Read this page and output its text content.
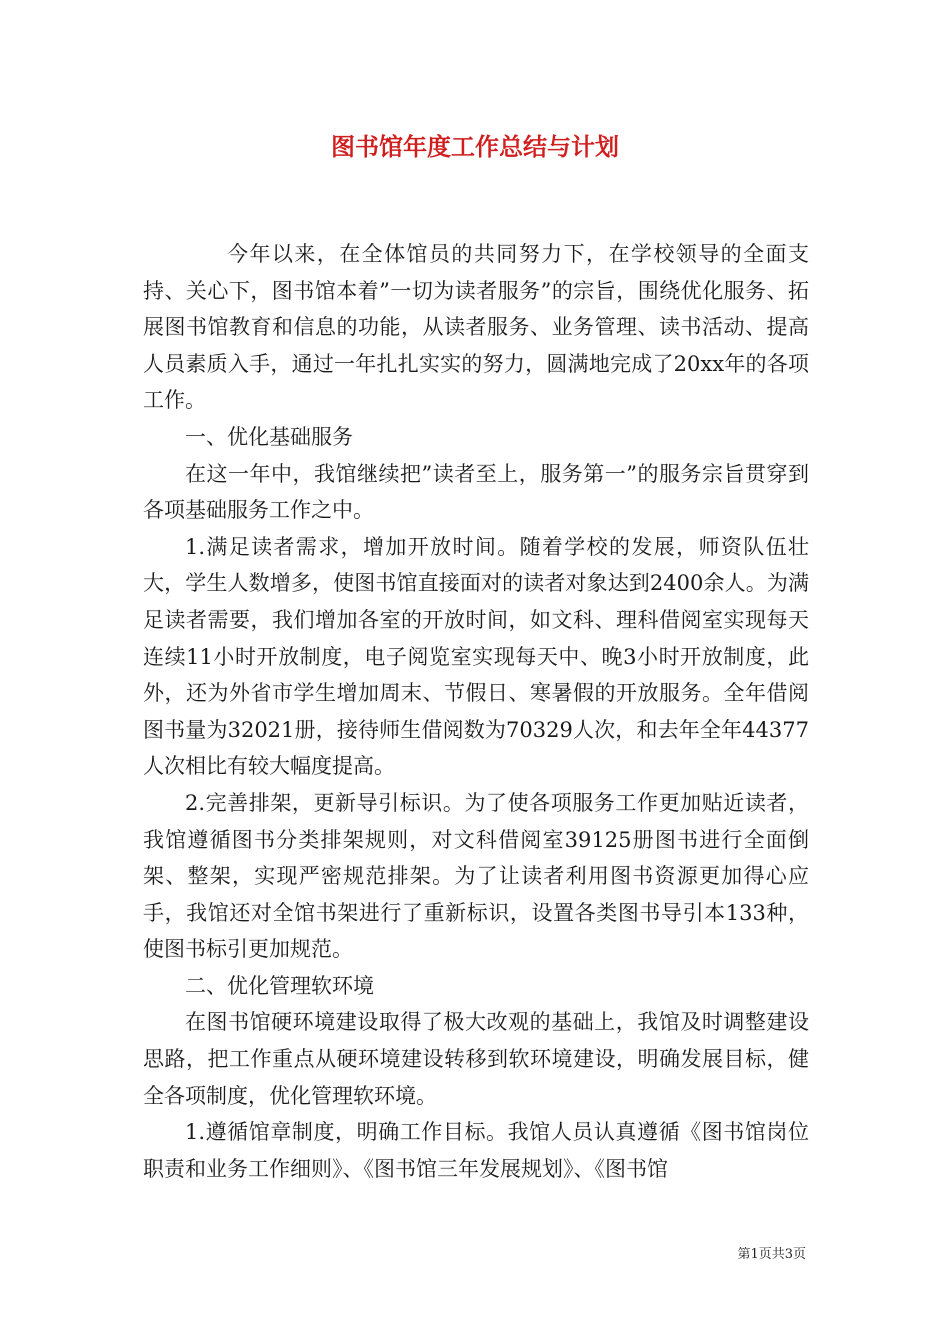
图书馆年度工作总结与计划

今年以来，在全体馆员的共同努力下，在学校领导的全面支持、关心下，图书馆本着”一切为读者服务”的宗旨，围绕优化服务、拓展图书馆教育和信息的功能，从读者服务、业务管理、读书活动、提高人员素质入手，通过一年扎扎实实的努力，圆满地完成了20xx年的各项工作。

一、优化基础服务

在这一年中，我馆继续把”读者至上，服务第一”的服务宗旨贯穿到各项基础服务工作之中。

1.满足读者需求，增加开放时间。随着学校的发展，师资队伍壮大，学生人数增多，使图书馆直接面对的读者对象达到2400余人。为满足读者需要，我们增加各室的开放时间，如文科、理科借阅室实现每天连续11小时开放制度，电子阅览室实现每天中、晚3小时开放制度，此外，还为外省市学生增加周末、节假日、寒暑假的开放服务。全年借阅图书量为32021册，接待师生借阅数为70329人次，和去年全年44377人次相比有较大幅度提高。

2.完善排架，更新导引标识。为了使各项服务工作更加贴近读者，我馆遵循图书分类排架规则，对文科借阅室39125册图书进行全面倒架、整架，实现严密规范排架。为了让读者利用图书资源更加得心应手，我馆还对全馆书架进行了重新标识，设置各类图书导引本133种，使图书标引更加规范。

二、优化管理软环境

在图书馆硬环境建设取得了极大改观的基础上，我馆及时调整建设思路，把工作重点从硬环境建设转移到软环境建设，明确发展目标，健全各项制度，优化管理软环境。

1.遵循馆章制度，明确工作目标。我馆人员认真遵循《图书馆岗位职责和业务工作细则》、《图书馆三年发展规划》、《图书馆

第1页共3页
